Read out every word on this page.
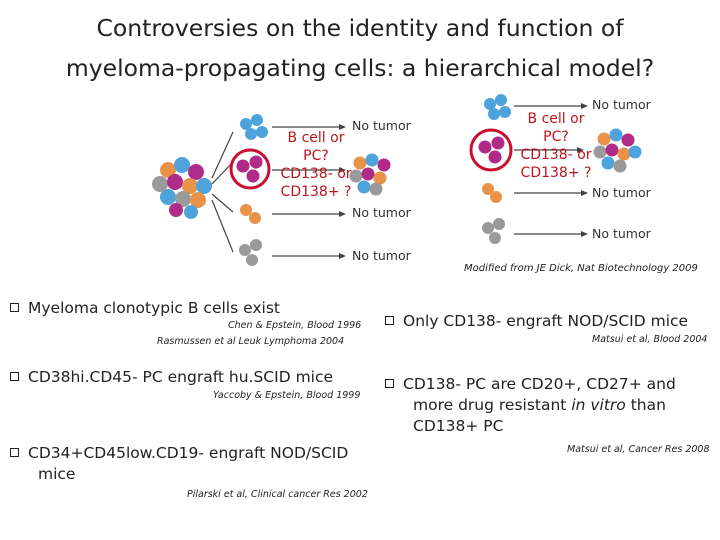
Controversies on the identity and function of
myeloma-propagating cells: a hierarchical model?
B cell or
PC?
CD138- or
CD138+ ?
B cell or
PC?
CD138- or
CD138+ ?
No tumor
No tumor
No tumor
No tumor
No tumor
No tumor
Modified from JE Dick, Nat Biotechnology 2009
Myeloma clonotypic B cells exist
Chen & Epstein, Blood 1996
Rasmussen et al Leuk Lymphoma 2004
CD38hi.CD45- PC engraft hu.SCID mice
Yaccoby & Epstein, Blood 1999
CD34+CD45low.CD19- engraft NOD/SCID
mice
Pilarski et al, Clinical cancer Res 2002
Only CD138- engraft NOD/SCID mice
Matsui et al, Blood 2004
CD138- PC are CD20+, CD27+ and
more drug resistant in vitro than
CD138+ PC
Matsui et al, Cancer Res 2008
